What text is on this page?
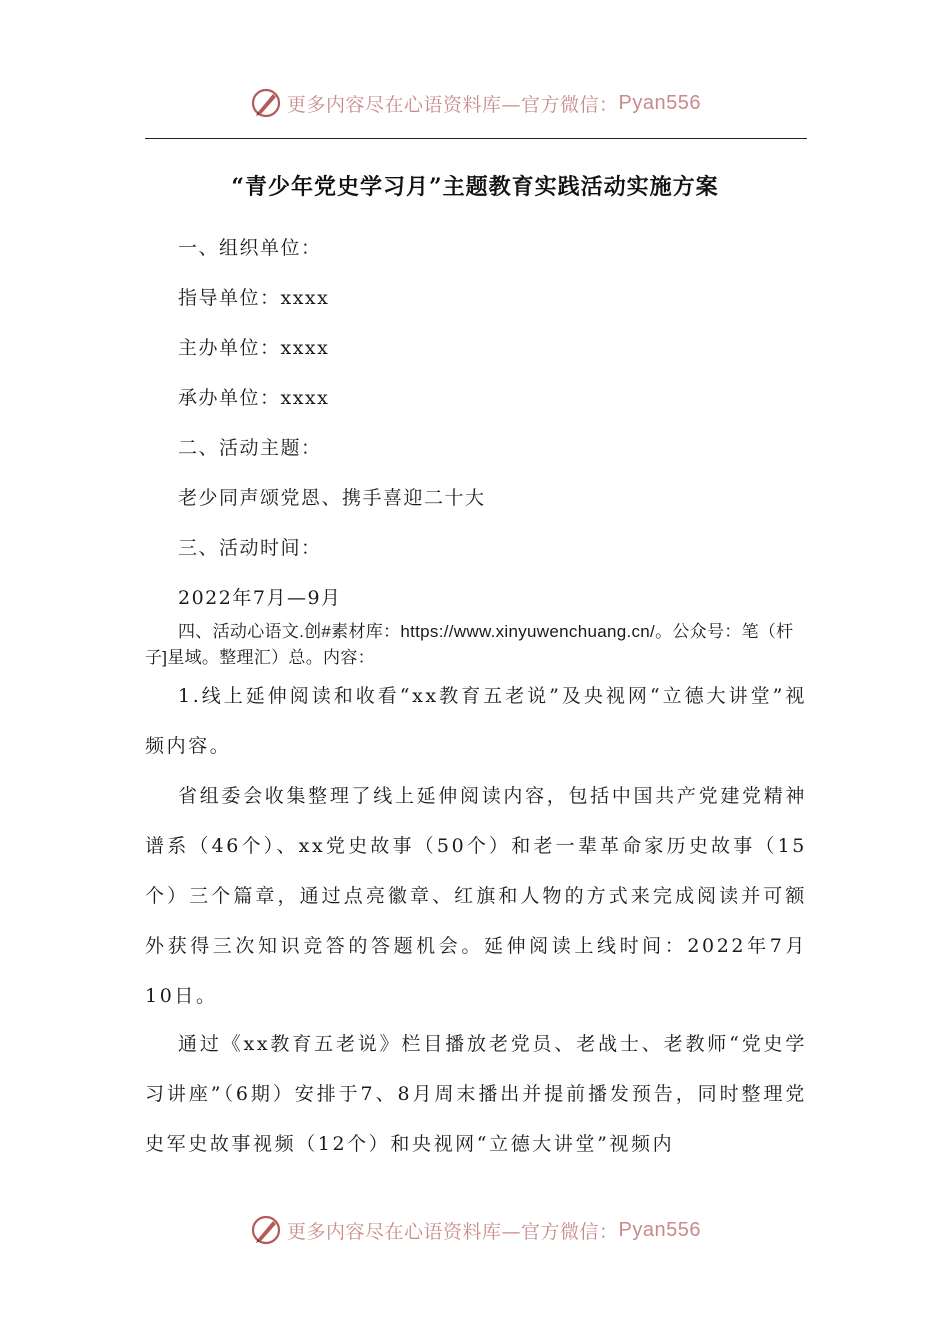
更多内容尽在心语资料库—官方微信： Pyan556
“青少年党史学习月”主题教育实践活动实施方案
一、组织单位：
指导单位：xxxx
主办单位：xxxx
承办单位：xxxx
二、活动主题：
老少同声颂党恩、携手喜迎二十大
三、活动时间：
2022年7月—9月
四、活动心语文.创#素材库：https://www.xinyuwenchuang.cn/。公众号：笔（杆子]星域。整理汇）总。内容：
1.线上延伸阅读和收看“xx教育五老说”及央视网“立德大讲堂”视频内容。
省组委会收集整理了线上延伸阅读内容，包括中国共产党建党精神谱系（46个）、xx党史故事（50个）和老一辈革命家历史故事（15个）三个篇章，通过点亮徽章、红旗和人物的方式来完成阅读并可额外获得三次知识竞答的答题机会。延伸阅读上线时间：2022年7月10日。
通过《xx教育五老说》栏目播放老党员、老战士、老教师“党史学习讲座”（6期）安排于7、8月周末播出并提前播发预告，同时整理党史军史故事视频（12个）和央视网“立德大讲堂”视频内
更多内容尽在心语资料库—官方微信： Pyan556
